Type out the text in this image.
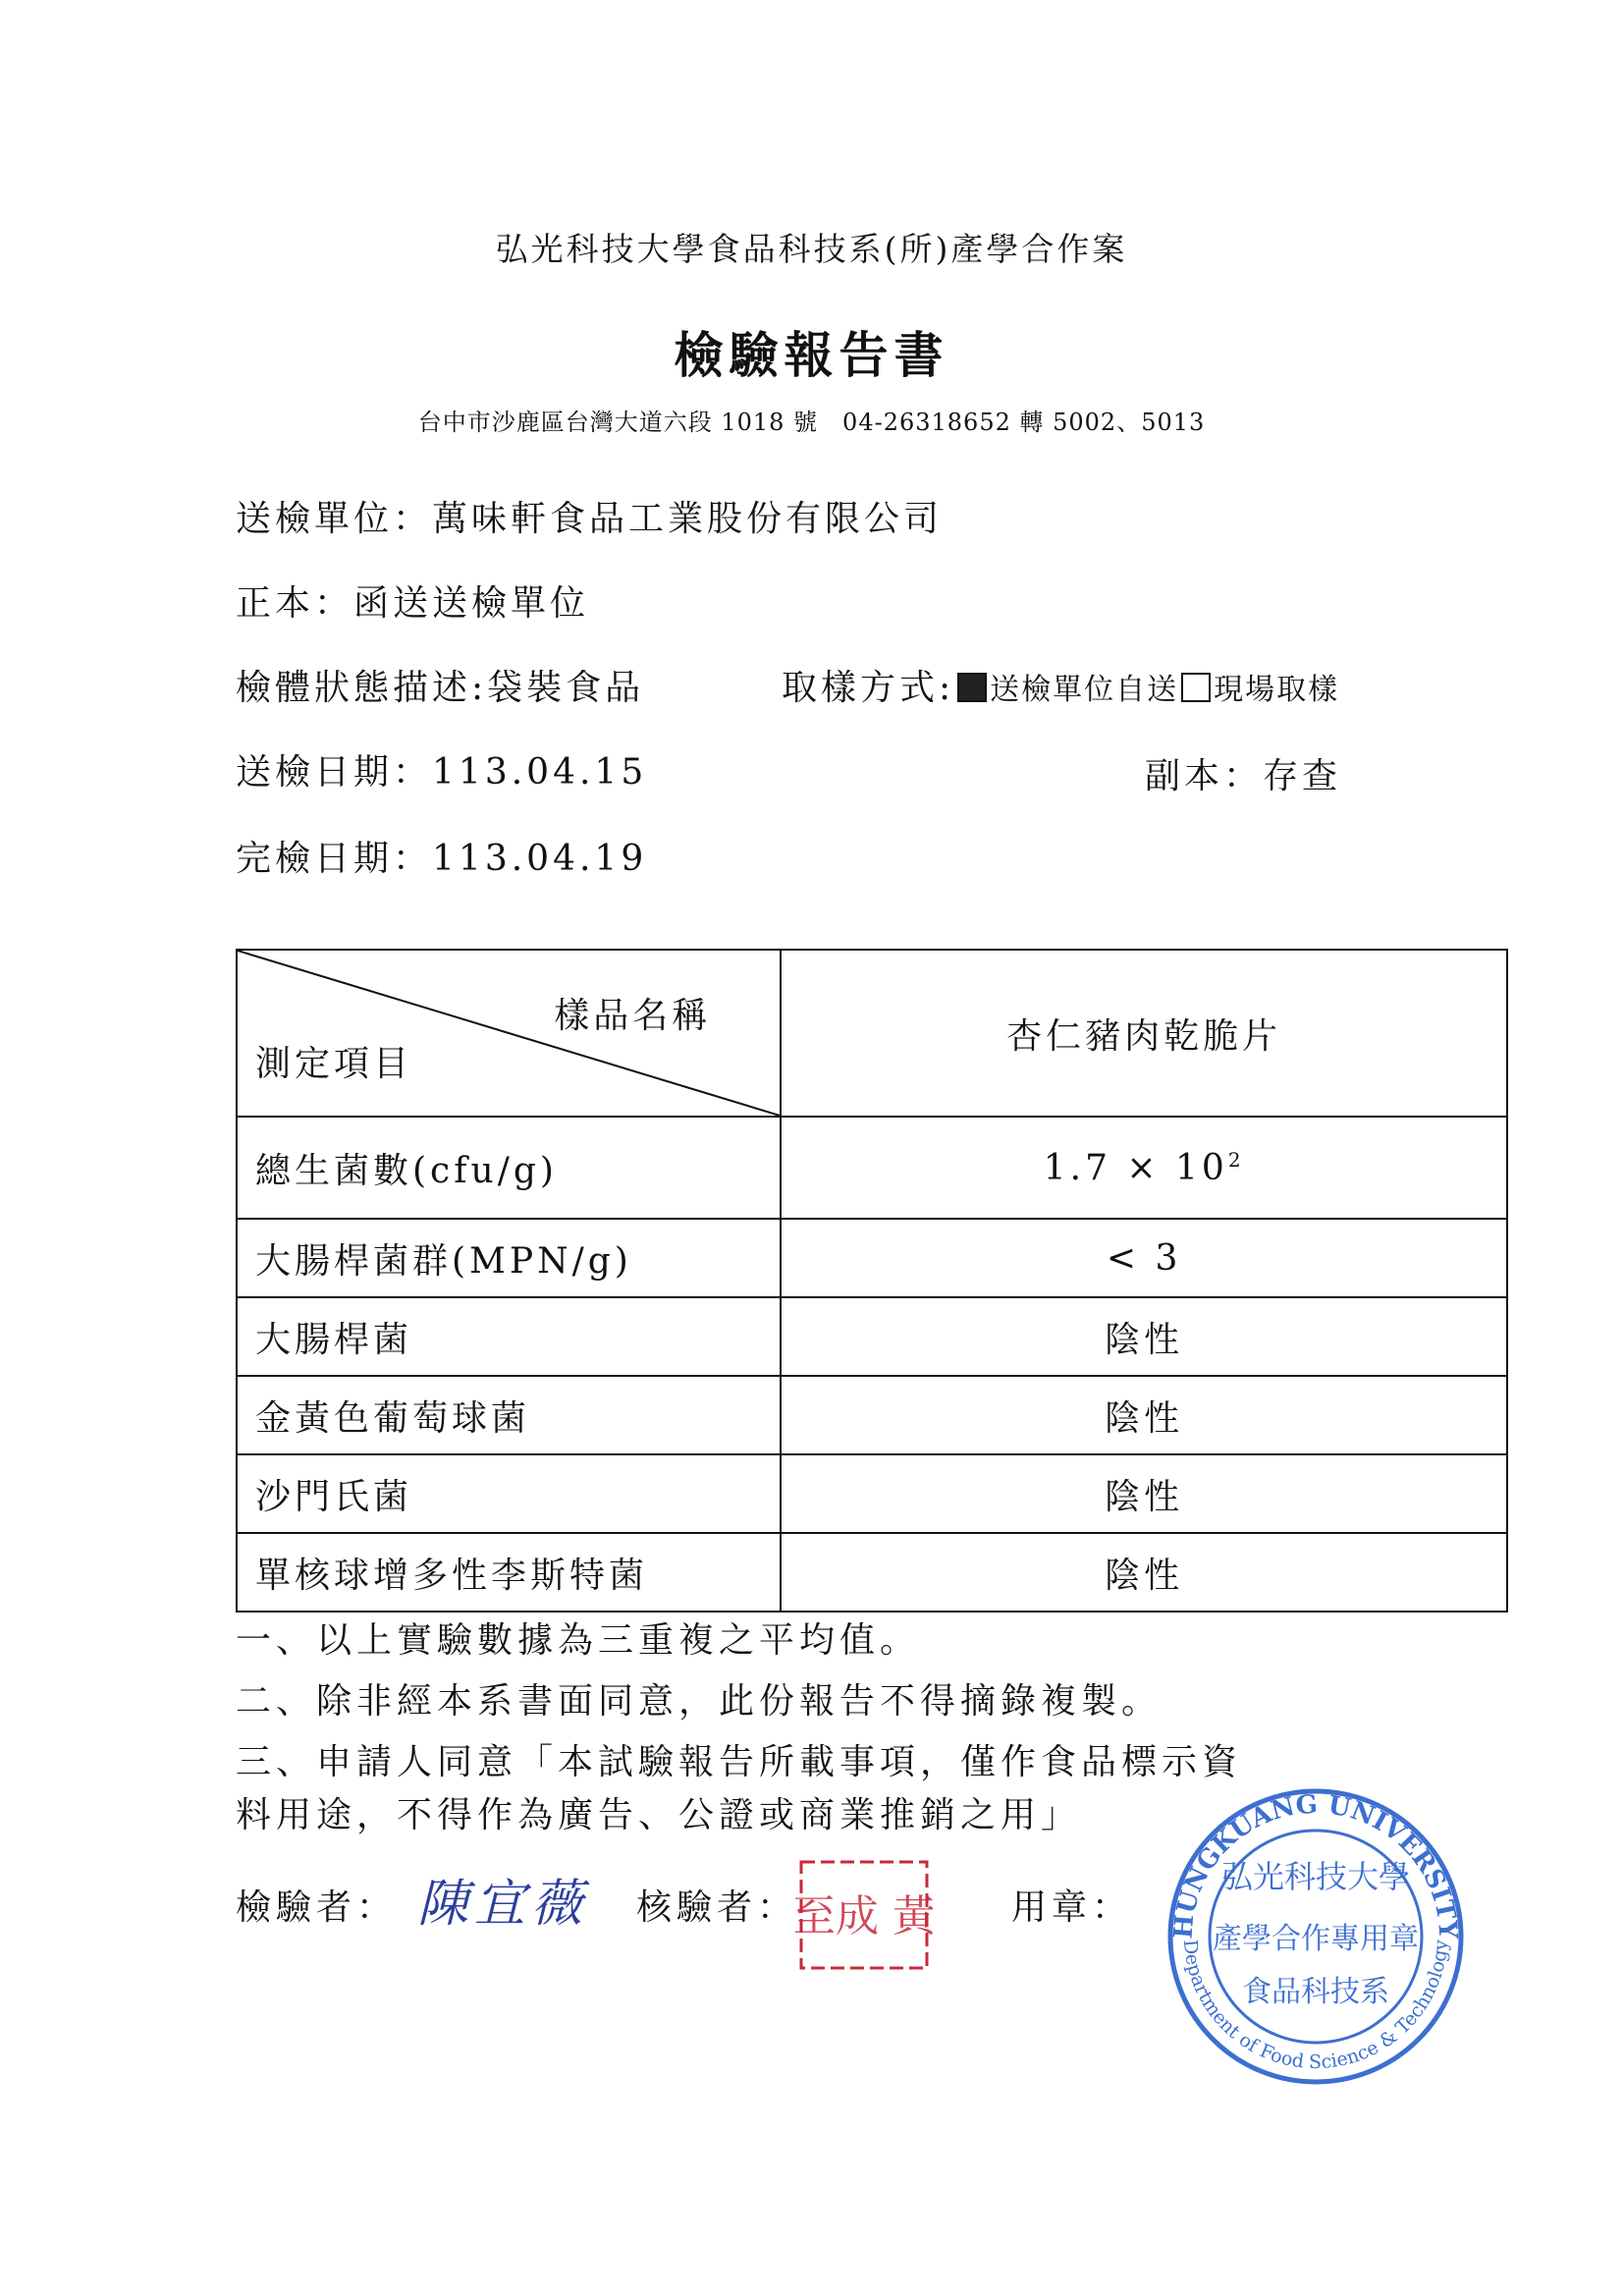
弘光科技大學食品科技系(所)產學合作案
檢驗報告書
台中市沙鹿區台灣大道六段 1018 號　04-26318652 轉 5002、5013
送檢單位：萬味軒食品工業股份有限公司
正本：函送送檢單位
檢體狀態描述:袋裝食品	取樣方式: 送檢單位自送 現場取樣
送檢日期：113.04.15	副本：存查
完檢日期：113.04.19
樣品名稱
測定項目	杏仁豬肉乾脆片
總生菌數(cfu/g)	$1.7 \times 10^2$
大腸桿菌群(MPN/g)	< 3
大腸桿菌	陰性
金黃色葡萄球菌	陰性
沙門氏菌	陰性
單核球增多性李斯特菌	陰性
一、以上實驗數據為三重複之平均值。
二、除非經本系書面同意，此份報告不得摘錄複製。
三、申請人同意「本試驗報告所載事項，僅作食品標示資
料用途，不得作為廣告、公證或商業推銷之用」
檢驗者： 陳宜薇 核驗者：
至成 黃 用章： HUNGKUANG UNIVERSITY
Department of Food Science & Technology
弘光科技大學
產學合作專用章
食品科技系
